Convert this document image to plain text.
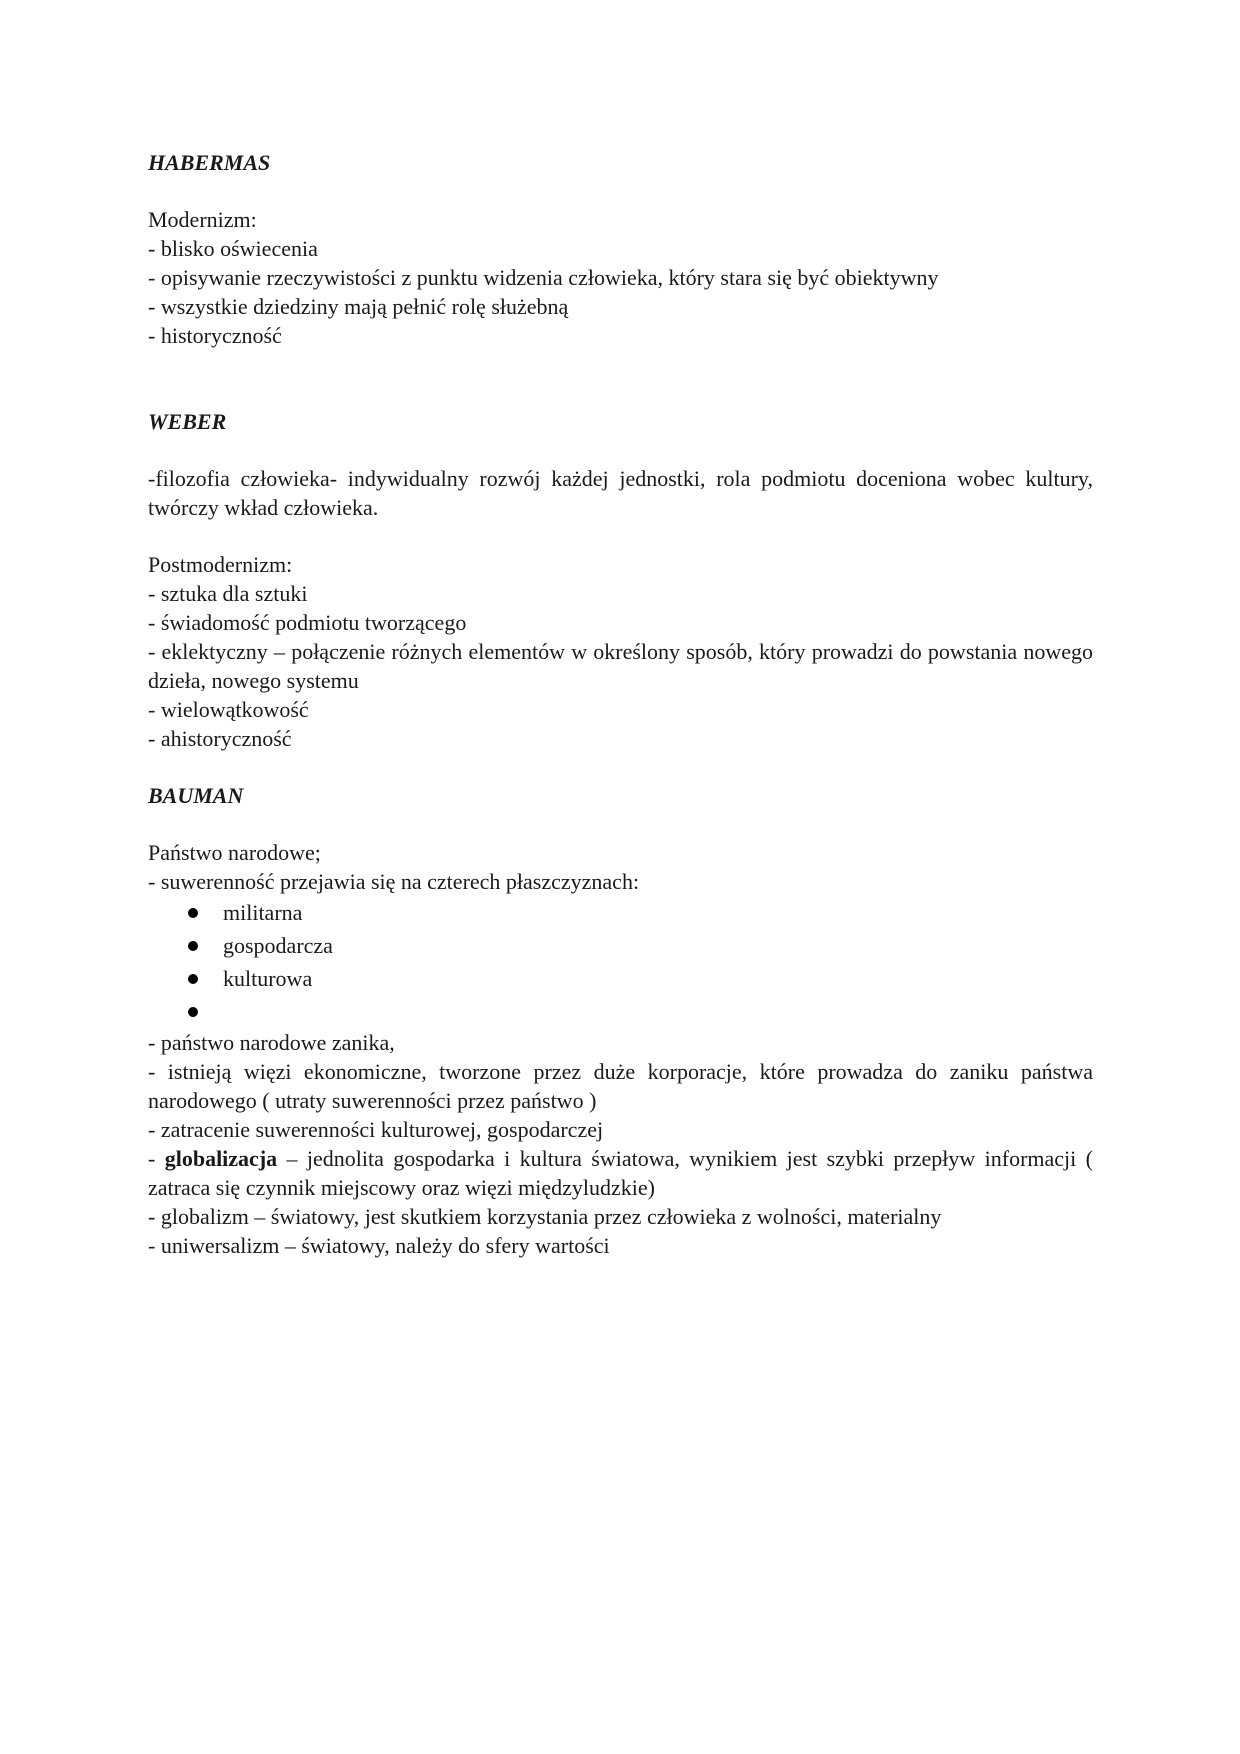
HABERMAS

Modernizm:

- blisko oświecenia

- opisywanie rzeczywistości z punktu widzenia człowieka, który stara się być obiektywny

- wszystkie dziedziny mają pełnić rolę służebną

- historyczność

WEBER

-filozofia człowieka- indywidualny rozwój każdej jednostki, rola podmiotu doceniona wobec kultury, twórczy wkład człowieka.

Postmodernizm:

- sztuka dla sztuki

- świadomość podmiotu tworzącego

- eklektyczny – połączenie różnych elementów w określony sposób, który prowadzi do powstania nowego dzieła, nowego systemu

- wielowątkowość

- ahistoryczność

BAUMAN

Państwo narodowe;

- suwerenność przejawia się na czterech płaszczyznach:

militarna
gospodarcza
kulturowa

- państwo narodowe zanika,

- istnieją więzi ekonomiczne, tworzone przez duże korporacje, które prowadza do zaniku państwa narodowego ( utraty suwerenności przez państwo )

- zatracenie suwerenności kulturowej, gospodarczej

- globalizacja – jednolita gospodarka i kultura światowa, wynikiem jest szybki przepływ informacji ( zatraca się czynnik miejscowy oraz więzi międzyludzkie)

- globalizm – światowy, jest skutkiem korzystania przez człowieka z wolności, materialny

- uniwersalizm – światowy, należy do sfery wartości
